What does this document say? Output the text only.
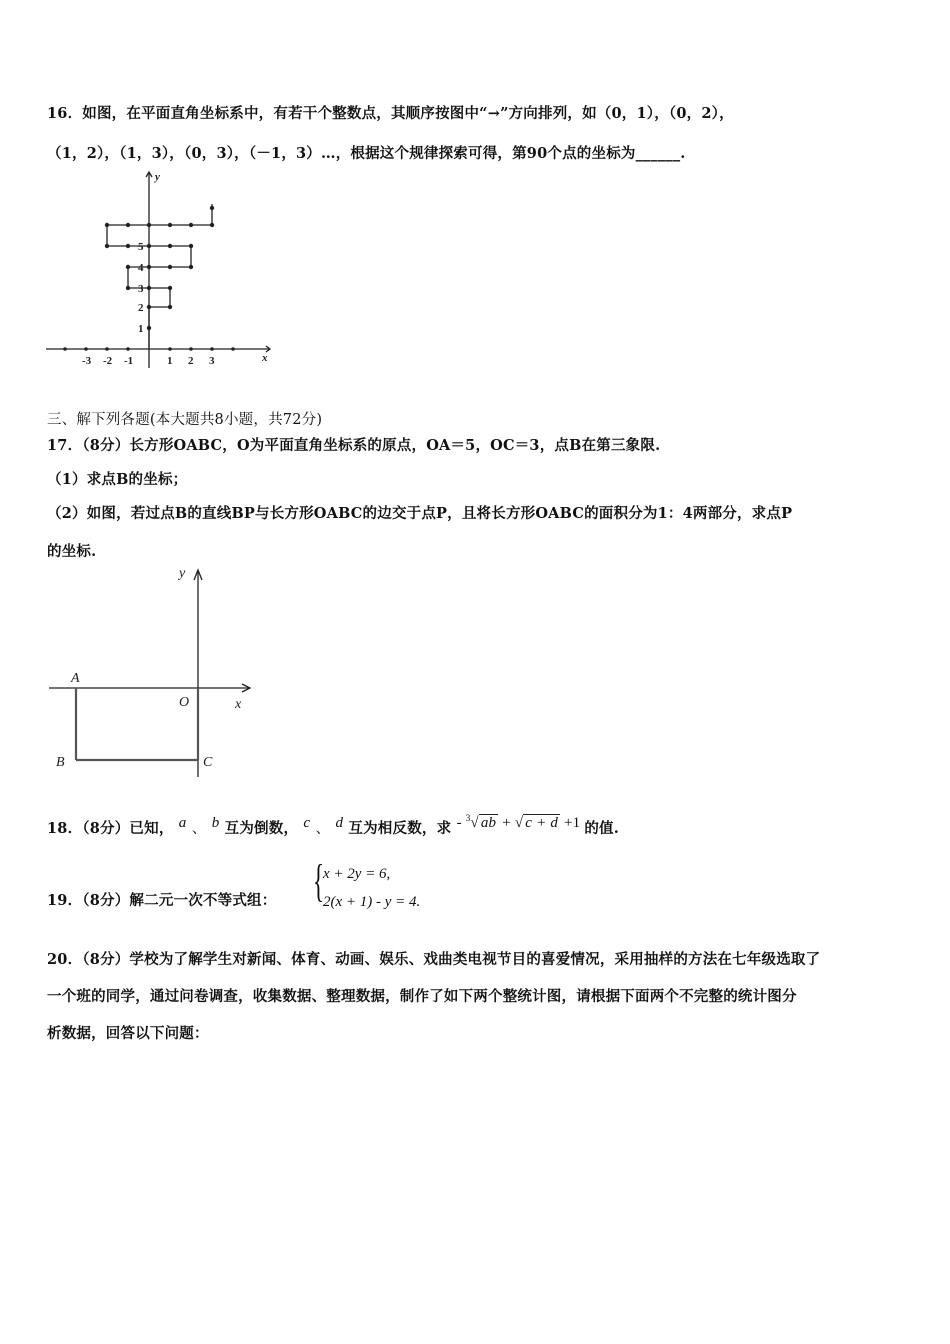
16．如图，在平面直角坐标系中，有若干个整数点，其顺序按图中“→”方向排列，如（0，1），（0，2），
（1，2），（1，3），（0，3），（－1，3）…，根据这个规律探索可得，第90个点的坐标为______.
x
y
-3 -2 -1	1 2 3
1
2
3
4
5
三、解下列各题(本大题共8小题，共72分)
17．（8分）长方形OABC，O为平面直角坐标系的原点，OA＝5，OC＝3，点B在第三象限.
（1）求点B的坐标；
（2）如图，若过点B的直线BP与长方形OABC的边交于点P，且将长方形OABC的面积分为1：4两部分，求点P
的坐标.
y
x
A
O
B	C
18．（8分）已知， a 、 b 互为倒数， c 、 d 互为相反数，求 - $^3$√ ab + √ c + d +1 的值.
19．（8分）解二元一次不等式组： {
x + 2y = 6,
2(x + 1) - y = 4.
20．（8分）学校为了解学生对新闻、体育、动画、娱乐、戏曲类电视节目的喜爱情况，采用抽样的方法在七年级选取了
一个班的同学，通过问卷调查，收集数据、整理数据，制作了如下两个整统计图，请根据下面两个不完整的统计图分
析数据，回答以下问题：
